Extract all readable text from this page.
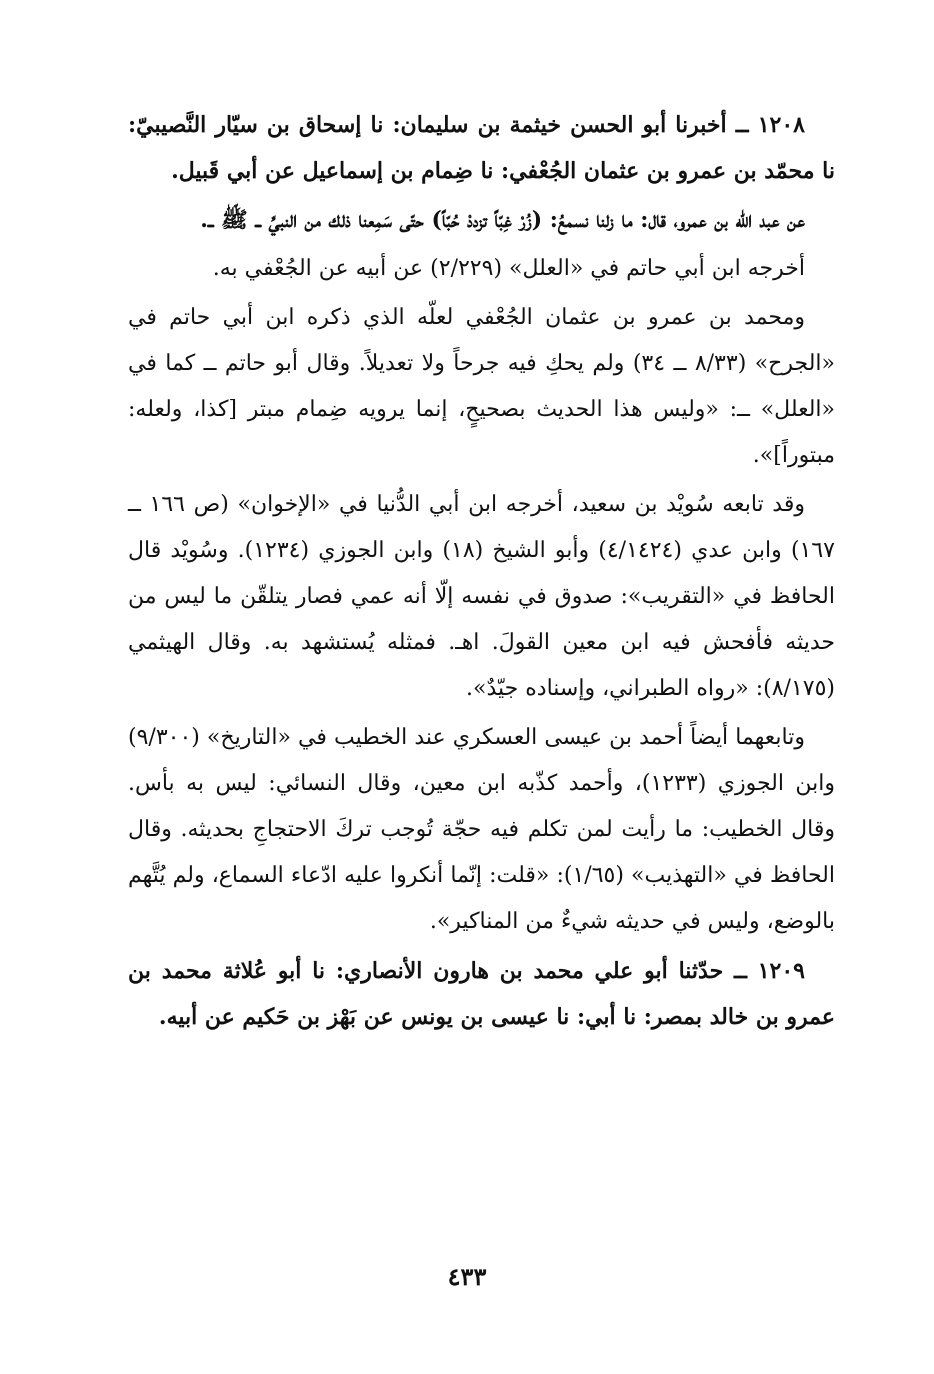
١٢٠٨ ــ أخبرنا أبو الحسن خيثمة بن سليمان: نا إسحاق بن سيّار النَّصيبيّ: نا محمّد بن عمرو بن عثمان الجُعْفي: نا ضِمام بن إسماعيل عن أبي قَبيل.

عن عبد الله بن عمرو، قال: ما زلنا نسمعُ: (زُرْ غِبّاً تزددْ حُبّاً) حتّى سَمِعنا ذلك من النبيِّ ــ ﷺ ــ.

أخرجه ابن أبي حاتم في «العلل» (٢/٢٢٩) عن أبيه عن الجُعْفي به.

ومحمد بن عمرو بن عثمان الجُعْفي لعلّه الذي ذكره ابن أبي حاتم في «الجرح» (٨/٣٣ ــ ٣٤) ولم يحكِ فيه جرحاً ولا تعديلاً. وقال أبو حاتم ــ كما في «العلل» ــ: «وليس هذا الحديث بصحيحٍ، إنما يرويه ضِمام مبتر [كذا، ولعله: مبتوراً]».

وقد تابعه سُويْد بن سعيد، أخرجه ابن أبي الدُّنيا في «الإخوان» (ص ١٦٦ ــ ١٦٧) وابن عدي (٤/١٤٢٤) وأبو الشيخ (١٨) وابن الجوزي (١٢٣٤). وسُويْد قال الحافظ في «التقريب»: صدوق في نفسه إلّا أنه عمي فصار يتلقّن ما ليس من حديثه فأفحش فيه ابن معين القولَ. اهـ. فمثله يُستشهد به. وقال الهيثمي (٨/١٧٥): «رواه الطبراني، وإسناده جيّدٌ».

وتابعهما أيضاً أحمد بن عيسى العسكري عند الخطيب في «التاريخ» (٩/٣٠٠) وابن الجوزي (١٢٣٣)، وأحمد كذّبه ابن معين، وقال النسائي: ليس به بأس. وقال الخطيب: ما رأيت لمن تكلم فيه حجّة تُوجب تركَ الاحتجاجِ بحديثه. وقال الحافظ في «التهذيب» (١/٦٥): «قلت: إنّما أنكروا عليه ادّعاء السماع، ولم يُتَّهم بالوضع، وليس في حديثه شيءٌ من المناكير».

١٢٠٩ ــ حدّثنا أبو علي محمد بن هارون الأنصاري: نا أبو عُلاثة محمد بن عمرو بن خالد بمصر: نا أبي: نا عيسى بن يونس عن بَهْز بن حَكيم عن أبيه.

٤٣٣
